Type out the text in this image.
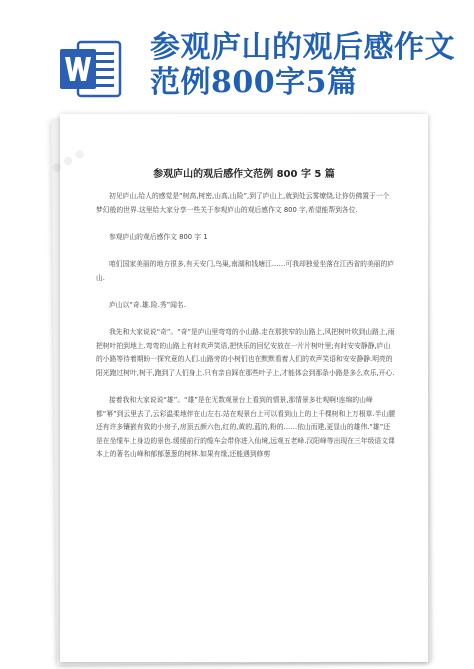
参观庐山的观后感作文范例800字5篇
● ● ●	参观庐山的观后感作文范例 800 字 5 篇

初见庐山,给人的感觉是“树高,树密,山高,山险”,到了庐山上,就到处云雾缭绕,让你仿佛置于一个梦幻般的世界.这里给大家分享一些关于参观庐山的观后感作文 800 字,希望能帮到各位.

参观庐山的观后感作文 800 字 1

咱们国家美丽的地方很多,有天安门,鸟巢,南湖和钱塘江……可我却独爱坐落在江西省的美丽的庐山.

庐山以“奇.雄.险.秀”闻名.

我先和大家说说“奇”。“奇”是庐山里弯弯的小山路.走在那狭窄的山路上,风把树叶吹到山路上,雨把树叶拍到地上.弯弯的山路上有时欢声笑语,把快乐的回忆安放在一片片树叶里;有时安安静静,庐山的小路等待着期盼一探究竟的人们.山路旁的小树们也在默默看着人们的欢声笑语和安安静静.明亮的阳光跑过树叶,树干,跑到了人们身上.只有亲自踩在那些叶子上,才能体会到那条小路是多么欢乐,开心.

接着我和大家说说“雄”。“雄”是在无数观景台上看到的情景,那情景多壮观啊!连绵的山峰都“幂”到云里去了,云彩温柔地伴在山左右.站在观景台上可以看到山上的上千棵树和上万根草.半山腰还有许多镶嵌有致的小房子,房顶五颜六色,红的,黄的,蓝的,粉的……依山而建,更显山的雄伟.“雄”还是在坐缆车上身边的景色.缓缓前行的缆车会带你进入仙境,远观五老峰.汉阳峰等出现在三年级语文课本上的著名山峰和郁郁葱葱的树林.如果有缘,还能遇到修剪
